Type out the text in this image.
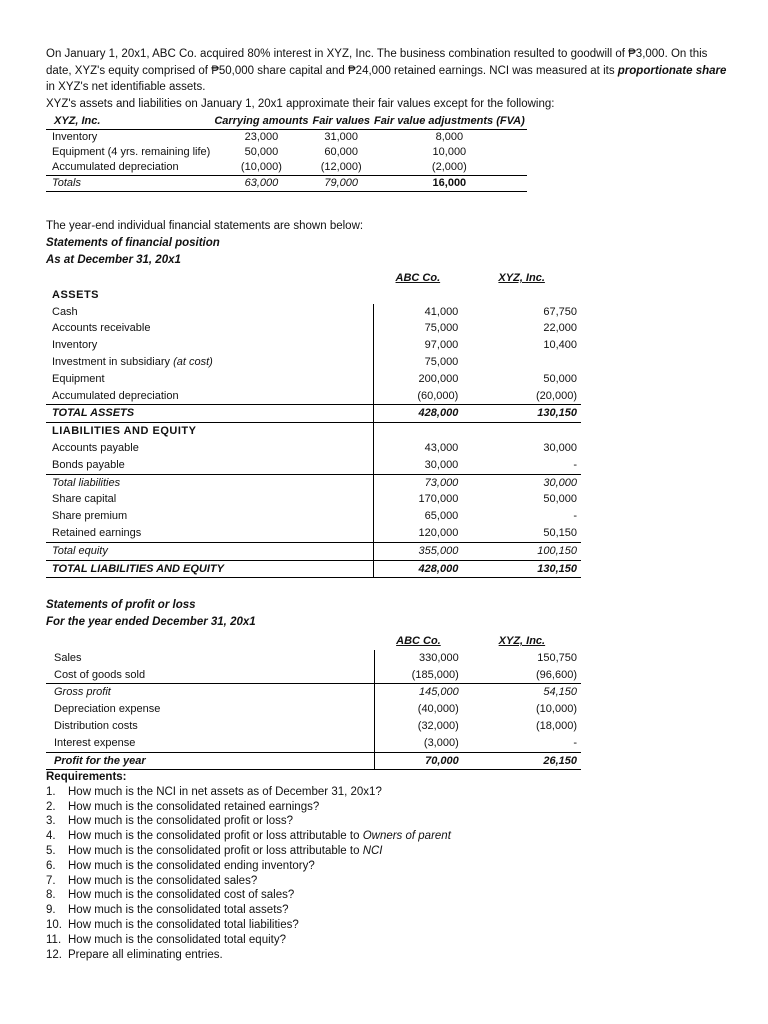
On January 1, 20x1, ABC Co. acquired 80% interest in XYZ, Inc. The business combination resulted to goodwill of ₱3,000. On this date, XYZ's equity comprised of ₱50,000 share capital and ₱24,000 retained earnings. NCI was measured at its proportionate share in XYZ's net identifiable assets.

XYZ's assets and liabilities on January 1, 20x1 approximate their fair values except for the following:

XYZ, Inc.	Carrying amounts	Fair values	Fair value adjustments (FVA)
Inventory	23,000	31,000	8,000
Equipment (4 yrs. remaining life)	50,000	60,000	10,000
Accumulated depreciation	(10,000)	(12,000)	(2,000)
Totals	63,000	79,000	16,000
The year-end individual financial statements are shown below:
Statements of financial position
As at December 31, 20x1
	ABC Co.	XYZ, Inc.
ASSETS		
Cash	41,000	67,750
Accounts receivable	75,000	22,000
Inventory	97,000	10,400
Investment in subsidiary (at cost)	75,000	
Equipment	200,000	50,000
Accumulated depreciation	(60,000)	(20,000)
TOTAL ASSETS	428,000	130,150
LIABILITIES AND EQUITY		
Accounts payable	43,000	30,000
Bonds payable	30,000	-
Total liabilities	73,000	30,000
Share capital	170,000	50,000
Share premium	65,000	-
Retained earnings	120,000	50,150
Total equity	355,000	100,150
TOTAL LIABILITIES AND EQUITY	428,000	130,150
Statements of profit or loss
For the year ended December 31, 20x1
	ABC Co.	XYZ, Inc.
Sales	330,000	150,750
Cost of goods sold	(185,000)	(96,600)
Gross profit	145,000	54,150
Depreciation expense	(40,000)	(10,000)
Distribution costs	(32,000)	(18,000)
Interest expense	(3,000)	-
Profit for the year	70,000	26,150
Requirements:
1.	How much is the NCI in net assets as of December 31, 20x1?
2.	How much is the consolidated retained earnings?
3.	How much is the consolidated profit or loss?
4.	How much is the consolidated profit or loss attributable to Owners of parent
5.	How much is the consolidated profit or loss attributable to NCI
6.	How much is the consolidated ending inventory?
7.	How much is the consolidated sales?
8.	How much is the consolidated cost of sales?
9.	How much is the consolidated total assets?
10. How much is the consolidated total liabilities?
11. How much is the consolidated total equity?
12. Prepare all eliminating entries.
